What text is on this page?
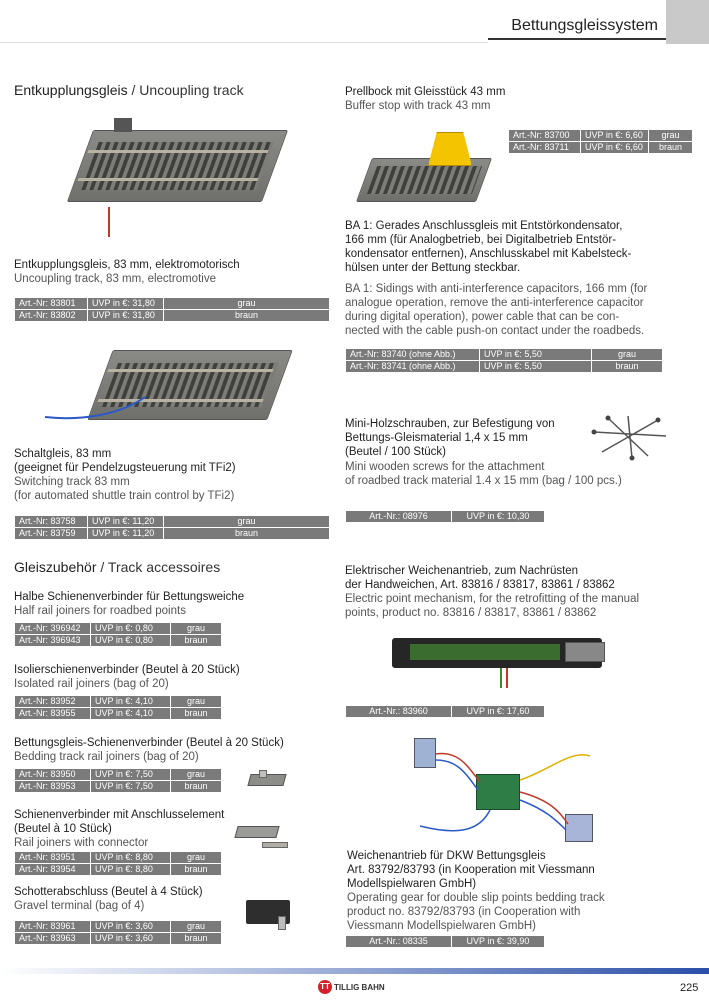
Bettungsgleissystem
Entkupplungsgleis / Uncoupling track
Entkupplungsgleis, 83 mm, elektromotorisch
Uncoupling track, 83 mm, electromotive
Art.-Nr: 83801	UVP in €: 31,80	grau
Art.-Nr: 83802	UVP in €: 31,80	braun
Schaltgleis, 83 mm
(geeignet für Pendelzugsteuerung mit TFi2)
Switching track 83 mm
(for automated shuttle train control by TFi2)
Art.-Nr: 83758	UVP in €: 11,20	grau
Art.-Nr: 83759	UVP in €: 11,20	braun
Gleiszubehör / Track accessoires
Halbe Schienenverbinder für Bettungsweiche
Half rail joiners for roadbed points
Art.-Nr: 396942	UVP in €: 0,80	grau
Art.-Nr: 396943	UVP in €: 0,80	braun
Isolierschienenverbinder (Beutel à 20 Stück)
Isolated rail joiners (bag of 20)
Art.-Nr: 83952	UVP in €: 4,10	grau
Art.-Nr: 83955	UVP in €: 4,10	braun
Bettungsgleis-Schienenverbinder (Beutel à 20 Stück)
Bedding track rail joiners (bag of 20)
Art.-Nr: 83950	UVP in €: 7,50	grau
Art.-Nr: 83953	UVP in €: 7,50	braun
Schienenverbinder mit Anschlusselement
(Beutel à 10 Stück)
Rail joiners with connector
Art.-Nr: 83951	UVP in €: 8,80	grau
Art.-Nr: 83954	UVP in €: 8,80	braun
Schotterabschluss (Beutel à 4 Stück)
Gravel terminal (bag of 4)
Art.-Nr: 83961	UVP in €: 3,60	grau
Art.-Nr: 83963	UVP in €: 3,60	braun
Prellbock mit Gleisstück 43 mm
Buffer stop with track 43 mm
Art.-Nr: 83700	UVP in €: 6,60	grau
Art.-Nr: 83711	UVP in €: 6,60	braun
BA 1: Gerades Anschlussgleis mit Entstörkondensator,
166 mm (für Analogbetrieb, bei Digitalbetrieb Entstör-
kondensator entfernen), Anschlusskabel mit Kabelsteck-
hülsen unter der Bettung steckbar.
BA 1: Sidings with anti-interference capacitors, 166 mm (for
analogue operation, remove the anti-interference capacitor
during digital operation), power cable that can be con-
nected with the cable push-on contact under the roadbeds.
Art.-Nr: 83740 (ohne Abb.)	UVP in €: 5,50	grau
Art.-Nr: 83741 (ohne Abb.)	UVP in €: 5,50	braun
Mini-Holzschrauben, zur Befestigung von
Bettungs-Gleismaterial 1,4 x 15 mm
(Beutel / 100 Stück)
Mini wooden screws for the attachment
of roadbed track material 1.4 x 15 mm (bag / 100 pcs.)
Art.-Nr.: 08976	UVP in €: 10,30
Elektrischer Weichenantrieb, zum Nachrüsten
der Handweichen, Art. 83816 / 83817, 83861 / 83862
Electric point mechanism, for the retrofitting of the manual
points, product no. 83816 / 83817, 83861 / 83862
Art.-Nr.: 83960	UVP in €: 17,60
Weichenantrieb für DKW Bettungsgleis
Art. 83792/83793 (in Kooperation mit Viessmann
Modellspielwaren GmbH)
Operating gear for double slip points bedding track
product no. 83792/83793 (in Cooperation with
Viessmann Modellspielwaren GmbH)
Art.-Nr.: 08335	UVP in €: 39,90
TT TILLIG BAHN	225
